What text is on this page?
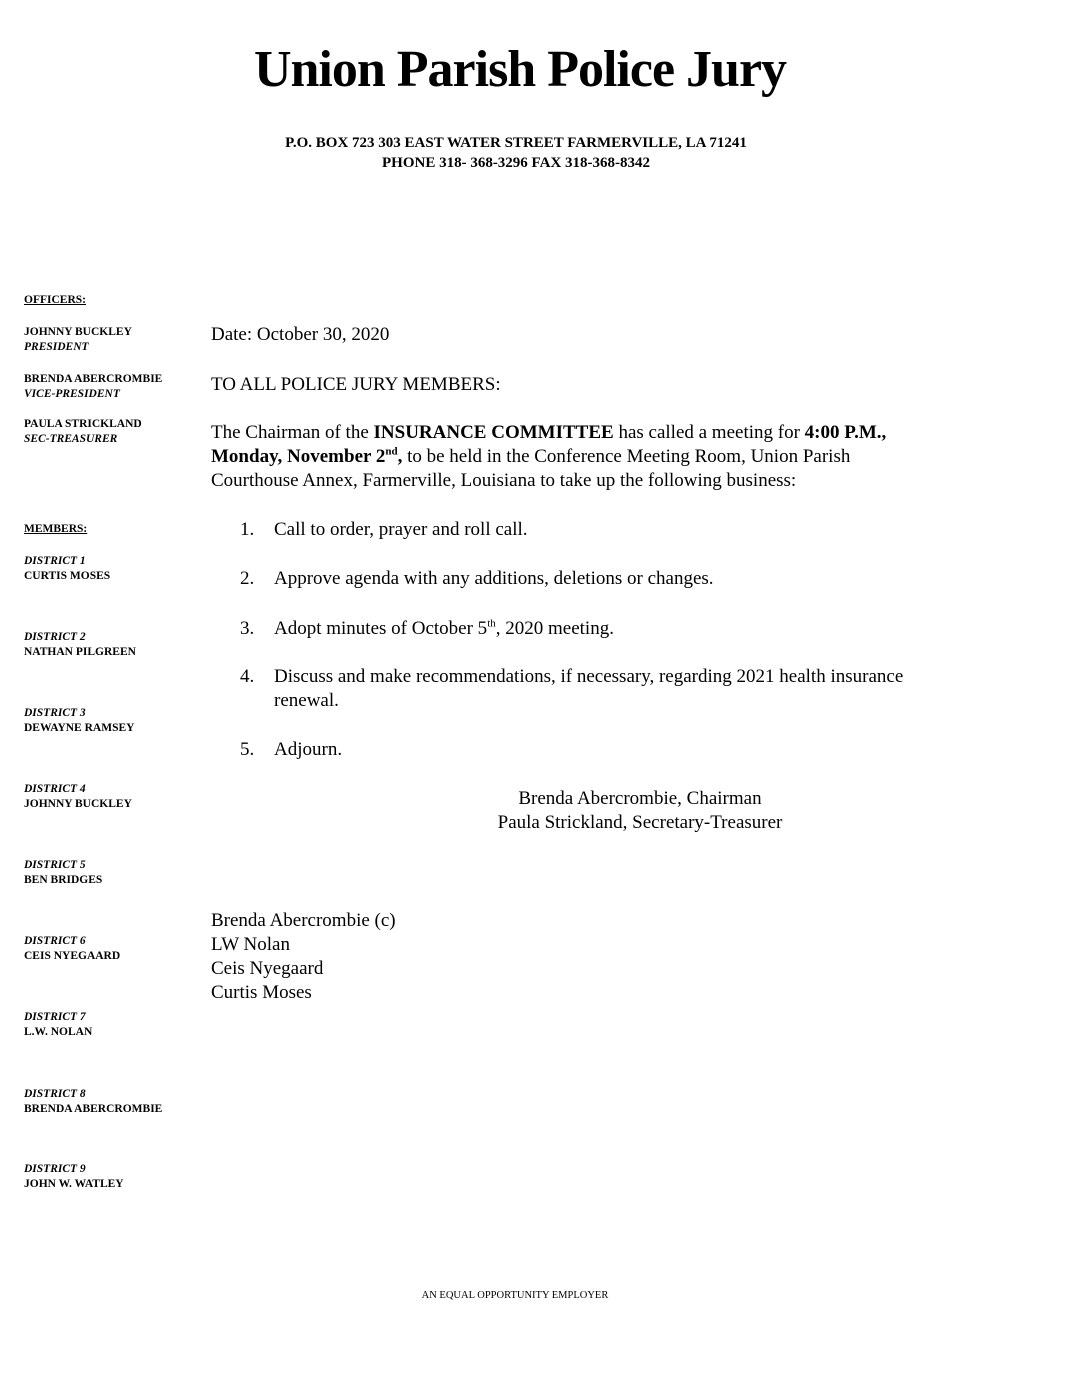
Union Parish Police Jury
P.O. BOX 723 303 EAST WATER STREET FARMERVILLE, LA 71241
PHONE 318- 368-3296 FAX 318-368-8342
OFFICERS:
JOHNNY BUCKLEY
PRESIDENT
BRENDA ABERCROMBIE
VICE-PRESIDENT
PAULA STRICKLAND
SEC-TREASURER
MEMBERS:
DISTRICT 1
CURTIS MOSES
DISTRICT 2
NATHAN PILGREEN
DISTRICT 3
DEWAYNE RAMSEY
DISTRICT 4
JOHNNY BUCKLEY
DISTRICT 5
BEN BRIDGES
DISTRICT 6
CEIS NYEGAARD
DISTRICT 7
L.W. NOLAN
DISTRICT 8
BRENDA ABERCROMBIE
DISTRICT 9
JOHN W. WATLEY
Date: October 30, 2020
TO ALL POLICE JURY MEMBERS:
The Chairman of the INSURANCE COMMITTEE has called a meeting for 4:00 P.M., Monday, November 2nd, to be held in the Conference Meeting Room, Union Parish Courthouse Annex, Farmerville, Louisiana to take up the following business:
1. Call to order, prayer and roll call.
2. Approve agenda with any additions, deletions or changes.
3. Adopt minutes of October 5th, 2020 meeting.
4. Discuss and make recommendations, if necessary, regarding 2021 health insurance renewal.
5. Adjourn.
Brenda Abercrombie, Chairman
Paula Strickland, Secretary-Treasurer
Brenda Abercrombie (c)
LW Nolan
Ceis Nyegaard
Curtis Moses
AN EQUAL OPPORTUNITY EMPLOYER
